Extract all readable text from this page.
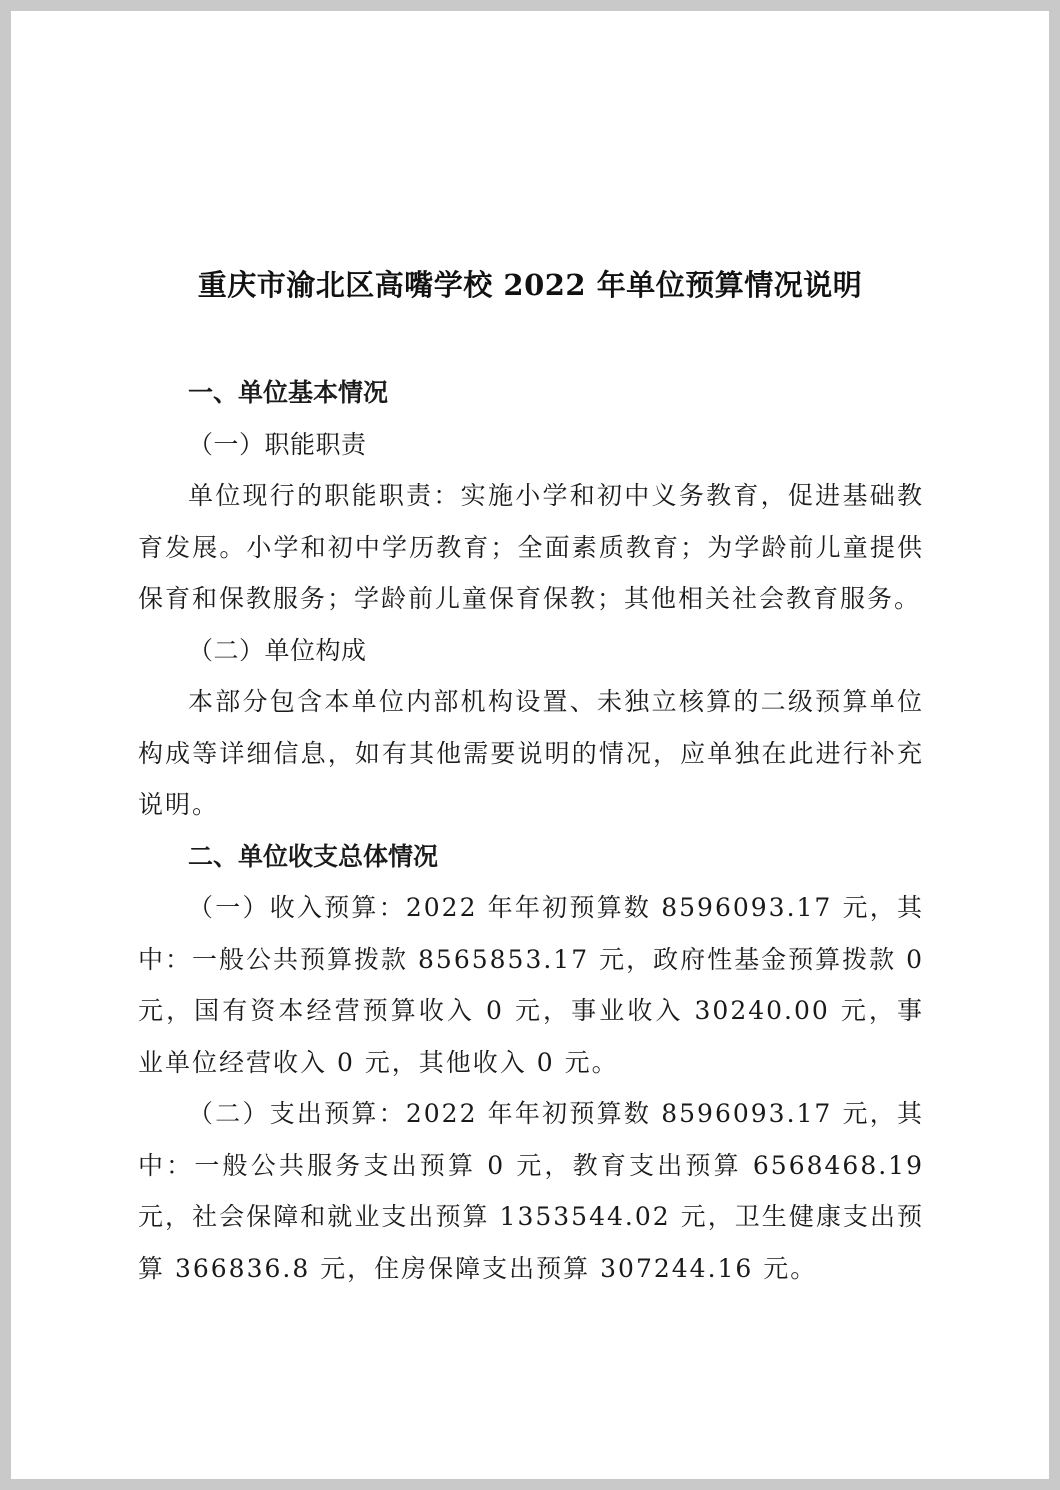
重庆市渝北区高嘴学校 2022 年单位预算情况说明

一、单位基本情况

（一）职能职责

单位现行的职能职责：实施小学和初中义务教育，促进基础教育发展。小学和初中学历教育；全面素质教育；为学龄前儿童提供保育和保教服务；学龄前儿童保育保教；其他相关社会教育服务。

（二）单位构成

本部分包含本单位内部机构设置、未独立核算的二级预算单位构成等详细信息，如有其他需要说明的情况，应单独在此进行补充说明。

二、单位收支总体情况

（一）收入预算：2022 年年初预算数 8596093.17 元，其中：一般公共预算拨款 8565853.17 元，政府性基金预算拨款 0 元，国有资本经营预算收入 0 元，事业收入 30240.00 元，事业单位经营收入 0 元，其他收入 0 元。

（二）支出预算：2022 年年初预算数 8596093.17 元，其中：一般公共服务支出预算 0 元，教育支出预算 6568468.19 元，社会保障和就业支出预算 1353544.02 元，卫生健康支出预算 366836.8 元，住房保障支出预算 307244.16 元。
